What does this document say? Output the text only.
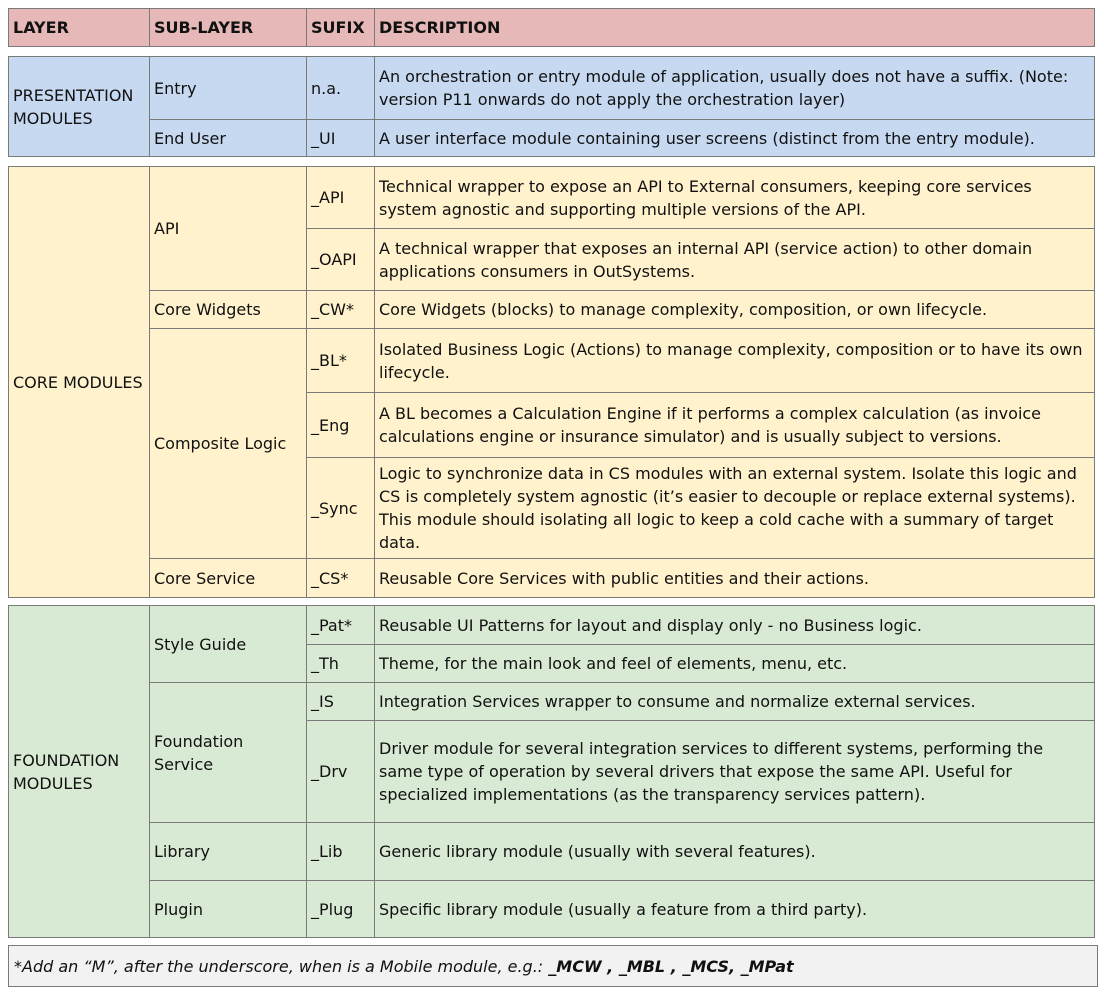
LAYER	SUB-LAYER	SUFIX	DESCRIPTION
PRESENTATION MODULES	Entry	n.a.	An orchestration or entry module of application, usually does not have a suffix. (Note: version P11 onwards do not apply the orchestration layer)
	End User	_UI	A user interface module containing user screens (distinct from the entry module).
CORE MODULES	API	_API	Technical wrapper to expose an API to External consumers, keeping core services system agnostic and supporting multiple versions of the API.
		_OAPI	A technical wrapper that exposes an internal API (service action) to other domain applications consumers in OutSystems.
	Core Widgets	_CW*	Core Widgets (blocks) to manage complexity, composition, or own lifecycle.
	Composite Logic	_BL*	Isolated Business Logic (Actions) to manage complexity, composition or to have its own lifecycle.
		_Eng	A BL becomes a Calculation Engine if it performs a complex calculation (as invoice calculations engine or insurance simulator) and is usually subject to versions.
		_Sync	Logic to synchronize data in CS modules with an external system. Isolate this logic and CS is completely system agnostic (it’s easier to decouple or replace external systems). This module should isolating all logic to keep a cold cache with a summary of target data.
	Core Service	_CS*	Reusable Core Services with public entities and their actions.
FOUNDATION MODULES	Style Guide	_Pat*	Reusable UI Patterns for layout and display only - no Business logic.
		_Th	Theme, for the main look and feel of elements, menu, etc.
	Foundation Service	_IS	Integration Services wrapper to consume and normalize external services.
		_Drv	Driver module for several integration services to different systems, performing the same type of operation by several drivers that expose the same API. Useful for specialized implementations (as the transparency services pattern).
	Library	_Lib	Generic library module (usually with several features).
	Plugin	_Plug	Specific library module (usually a feature from a third party).
*Add an “M”, after the underscore, when is a Mobile module, e.g.: _MCW , _MBL , _MCS, _MPat
